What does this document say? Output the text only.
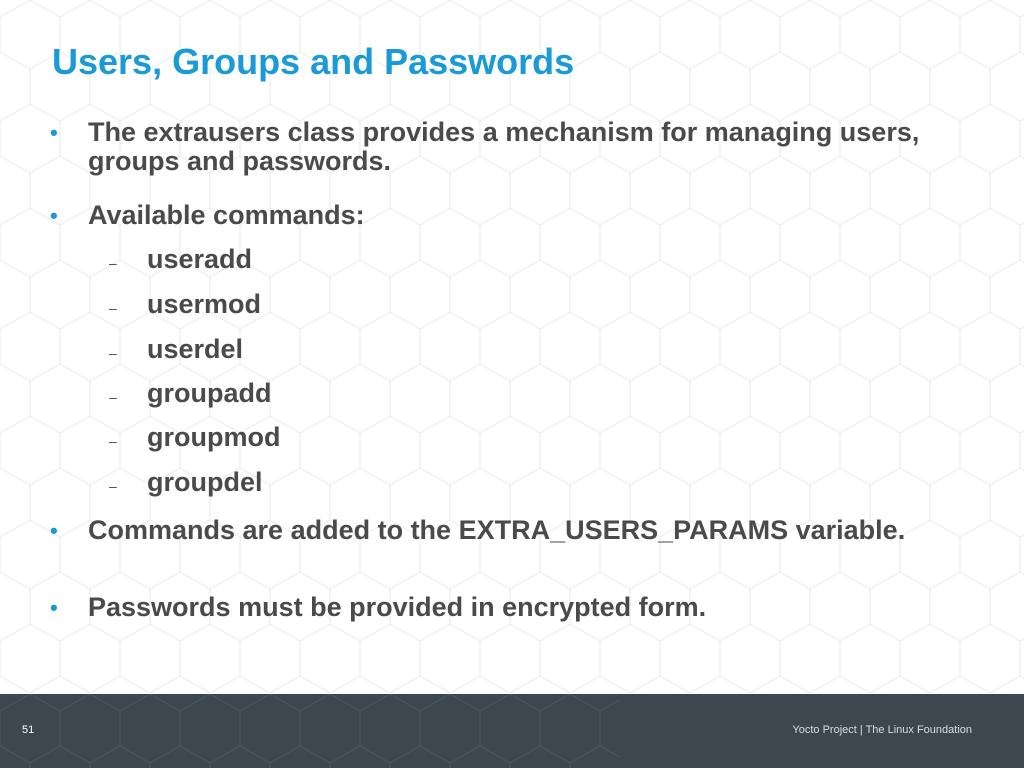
Users, Groups and Passwords
• The extrausers class provides a mechanism for managing users, groups and passwords.
• Available commands:
– useradd
– usermod
– userdel
– groupadd
– groupmod
– groupdel
• Commands are added to the EXTRA_USERS_PARAMS variable.
• Passwords must be provided in encrypted form.
51	Yocto Project | The Linux Foundation
